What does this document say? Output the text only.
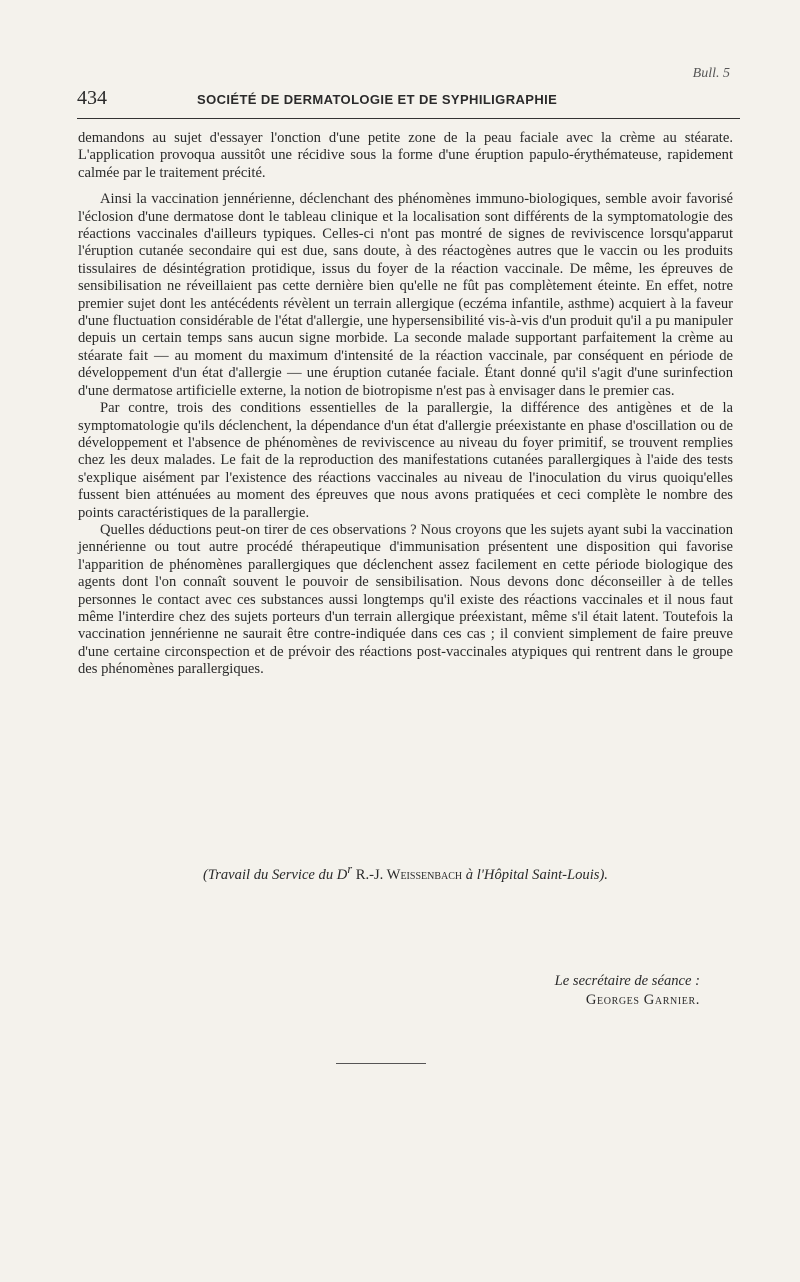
Bull. 5
434	SOCIÉTÉ DE DERMATOLOGIE ET DE SYPHILIGRAPHIE

demandons au sujet d'essayer l'onction d'une petite zone de la peau faciale avec la crème au stéarate. L'application provoqua aussitôt une récidive sous la forme d'une éruption papulo-érythémateuse, rapidement calmée par le traitement précité.

Ainsi la vaccination jennérienne, déclenchant des phénomènes immuno-biologiques, semble avoir favorisé l'éclosion d'une dermatose dont le tableau clinique et la localisation sont différents de la symptomatologie des réactions vaccinales d'ailleurs typiques. Celles-ci n'ont pas montré de signes de reviviscence lorsqu'apparut l'éruption cutanée secondaire qui est due, sans doute, à des réactogènes autres que le vaccin ou les produits tissulaires de désintégration protidique, issus du foyer de la réaction vaccinale. De même, les épreuves de sensibilisation ne réveillaient pas cette dernière bien qu'elle ne fût pas complètement éteinte. En effet, notre premier sujet dont les antécédents révèlent un terrain allergique (eczéma infantile, asthme) acquiert à la faveur d'une fluctuation considérable de l'état d'allergie, une hypersensibilité vis-à-vis d'un produit qu'il a pu manipuler depuis un certain temps sans aucun signe morbide. La seconde malade supportant parfaitement la crème au stéarate fait — au moment du maximum d'intensité de la réaction vaccinale, par conséquent en période de développement d'un état d'allergie — une éruption cutanée faciale. Étant donné qu'il s'agit d'une surinfection d'une dermatose artificielle externe, la notion de biotropisme n'est pas à envisager dans le premier cas.

Par contre, trois des conditions essentielles de la parallergie, la différence des antigènes et de la symptomatologie qu'ils déclenchent, la dépendance d'un état d'allergie préexistante en phase d'oscillation ou de développement et l'absence de phénomènes de reviviscence au niveau du foyer primitif, se trouvent remplies chez les deux malades. Le fait de la reproduction des manifestations cutanées parallergiques à l'aide des tests s'explique aisément par l'existence des réactions vaccinales au niveau de l'inoculation du virus quoiqu'elles fussent bien atténuées au moment des épreuves que nous avons pratiquées et ceci complète le nombre des points caractéristiques de la parallergie.

Quelles déductions peut-on tirer de ces observations ? Nous croyons que les sujets ayant subi la vaccination jennérienne ou tout autre procédé thérapeutique d'immunisation présentent une disposition qui favorise l'apparition de phénomènes parallergiques que déclenchent assez facilement en cette période biologique des agents dont l'on connaît souvent le pouvoir de sensibilisation. Nous devons donc déconseiller à de telles personnes le contact avec ces substances aussi longtemps qu'il existe des réactions vaccinales et il nous faut même l'interdire chez des sujets porteurs d'un terrain allergique préexistant, même s'il était latent. Toutefois la vaccination jennérienne ne saurait être contre-indiquée dans ces cas ; il convient simplement de faire preuve d'une certaine circonspection et de prévoir des réactions post-vaccinales atypiques qui rentrent dans le groupe des phénomènes parallergiques.

(Travail du Service du $D^r$ R.-J. Weissenbach à l'Hôpital Saint-Louis).
Le secrétaire de séance :
Georges Garnier.
